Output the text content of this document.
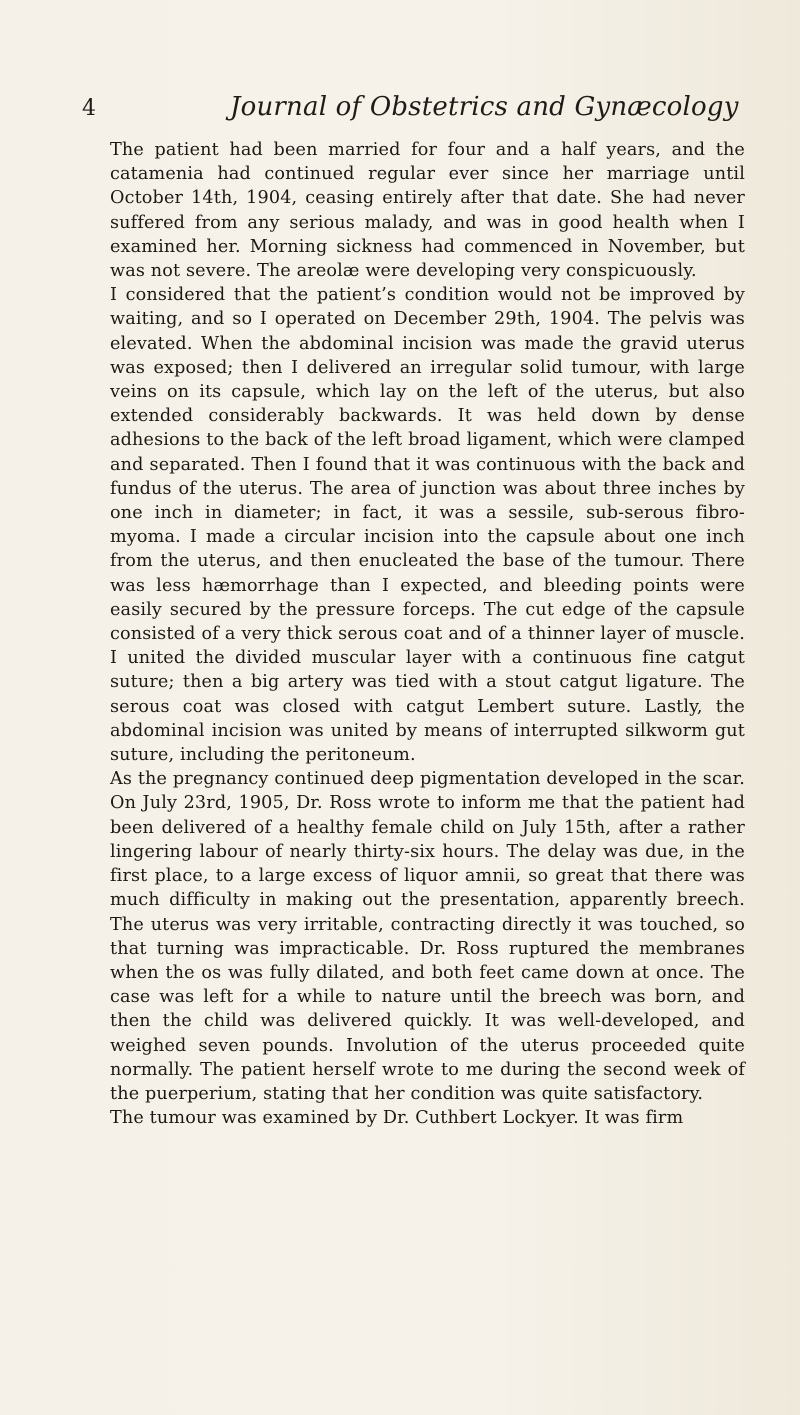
4	Journal of Obstetrics and Gynæcology

The patient had been married for four and a half years, and the catamenia had continued regular ever since her marriage until October 14th, 1904, ceasing entirely after that date. She had never suffered from any serious malady, and was in good health when I examined her. Morning sickness had commenced in November, but was not severe. The areolæ were developing very conspicuously.

I considered that the patient’s condition would not be improved by waiting, and so I operated on December 29th, 1904. The pelvis was elevated. When the abdominal incision was made the gravid uterus was exposed; then I delivered an irregular solid tumour, with large veins on its capsule, which lay on the left of the uterus, but also extended considerably backwards. It was held down by dense adhesions to the back of the left broad ligament, which were clamped and separated. Then I found that it was continuous with the back and fundus of the uterus. The area of junction was about three inches by one inch in diameter; in fact, it was a sessile, sub-serous fibro-myoma. I made a circular incision into the capsule about one inch from the uterus, and then enucleated the base of the tumour. There was less hæmorrhage than I expected, and bleeding points were easily secured by the pressure forceps. The cut edge of the capsule consisted of a very thick serous coat and of a thinner layer of muscle. I united the divided muscular layer with a continuous fine catgut suture; then a big artery was tied with a stout catgut ligature. The serous coat was closed with catgut Lembert suture. Lastly, the abdominal incision was united by means of interrupted silkworm gut suture, including the peritoneum.

As the pregnancy continued deep pigmentation developed in the scar. On July 23rd, 1905, Dr. Ross wrote to inform me that the patient had been delivered of a healthy female child on July 15th, after a rather lingering labour of nearly thirty-six hours. The delay was due, in the first place, to a large excess of liquor amnii, so great that there was much difficulty in making out the presentation, apparently breech. The uterus was very irritable, contracting directly it was touched, so that turning was impracticable. Dr. Ross ruptured the membranes when the os was fully dilated, and both feet came down at once. The case was left for a while to nature until the breech was born, and then the child was delivered quickly. It was well-developed, and weighed seven pounds. Involution of the uterus proceeded quite normally. The patient herself wrote to me during the second week of the puerperium, stating that her condition was quite satisfactory.

The tumour was examined by Dr. Cuthbert Lockyer. It was firm
